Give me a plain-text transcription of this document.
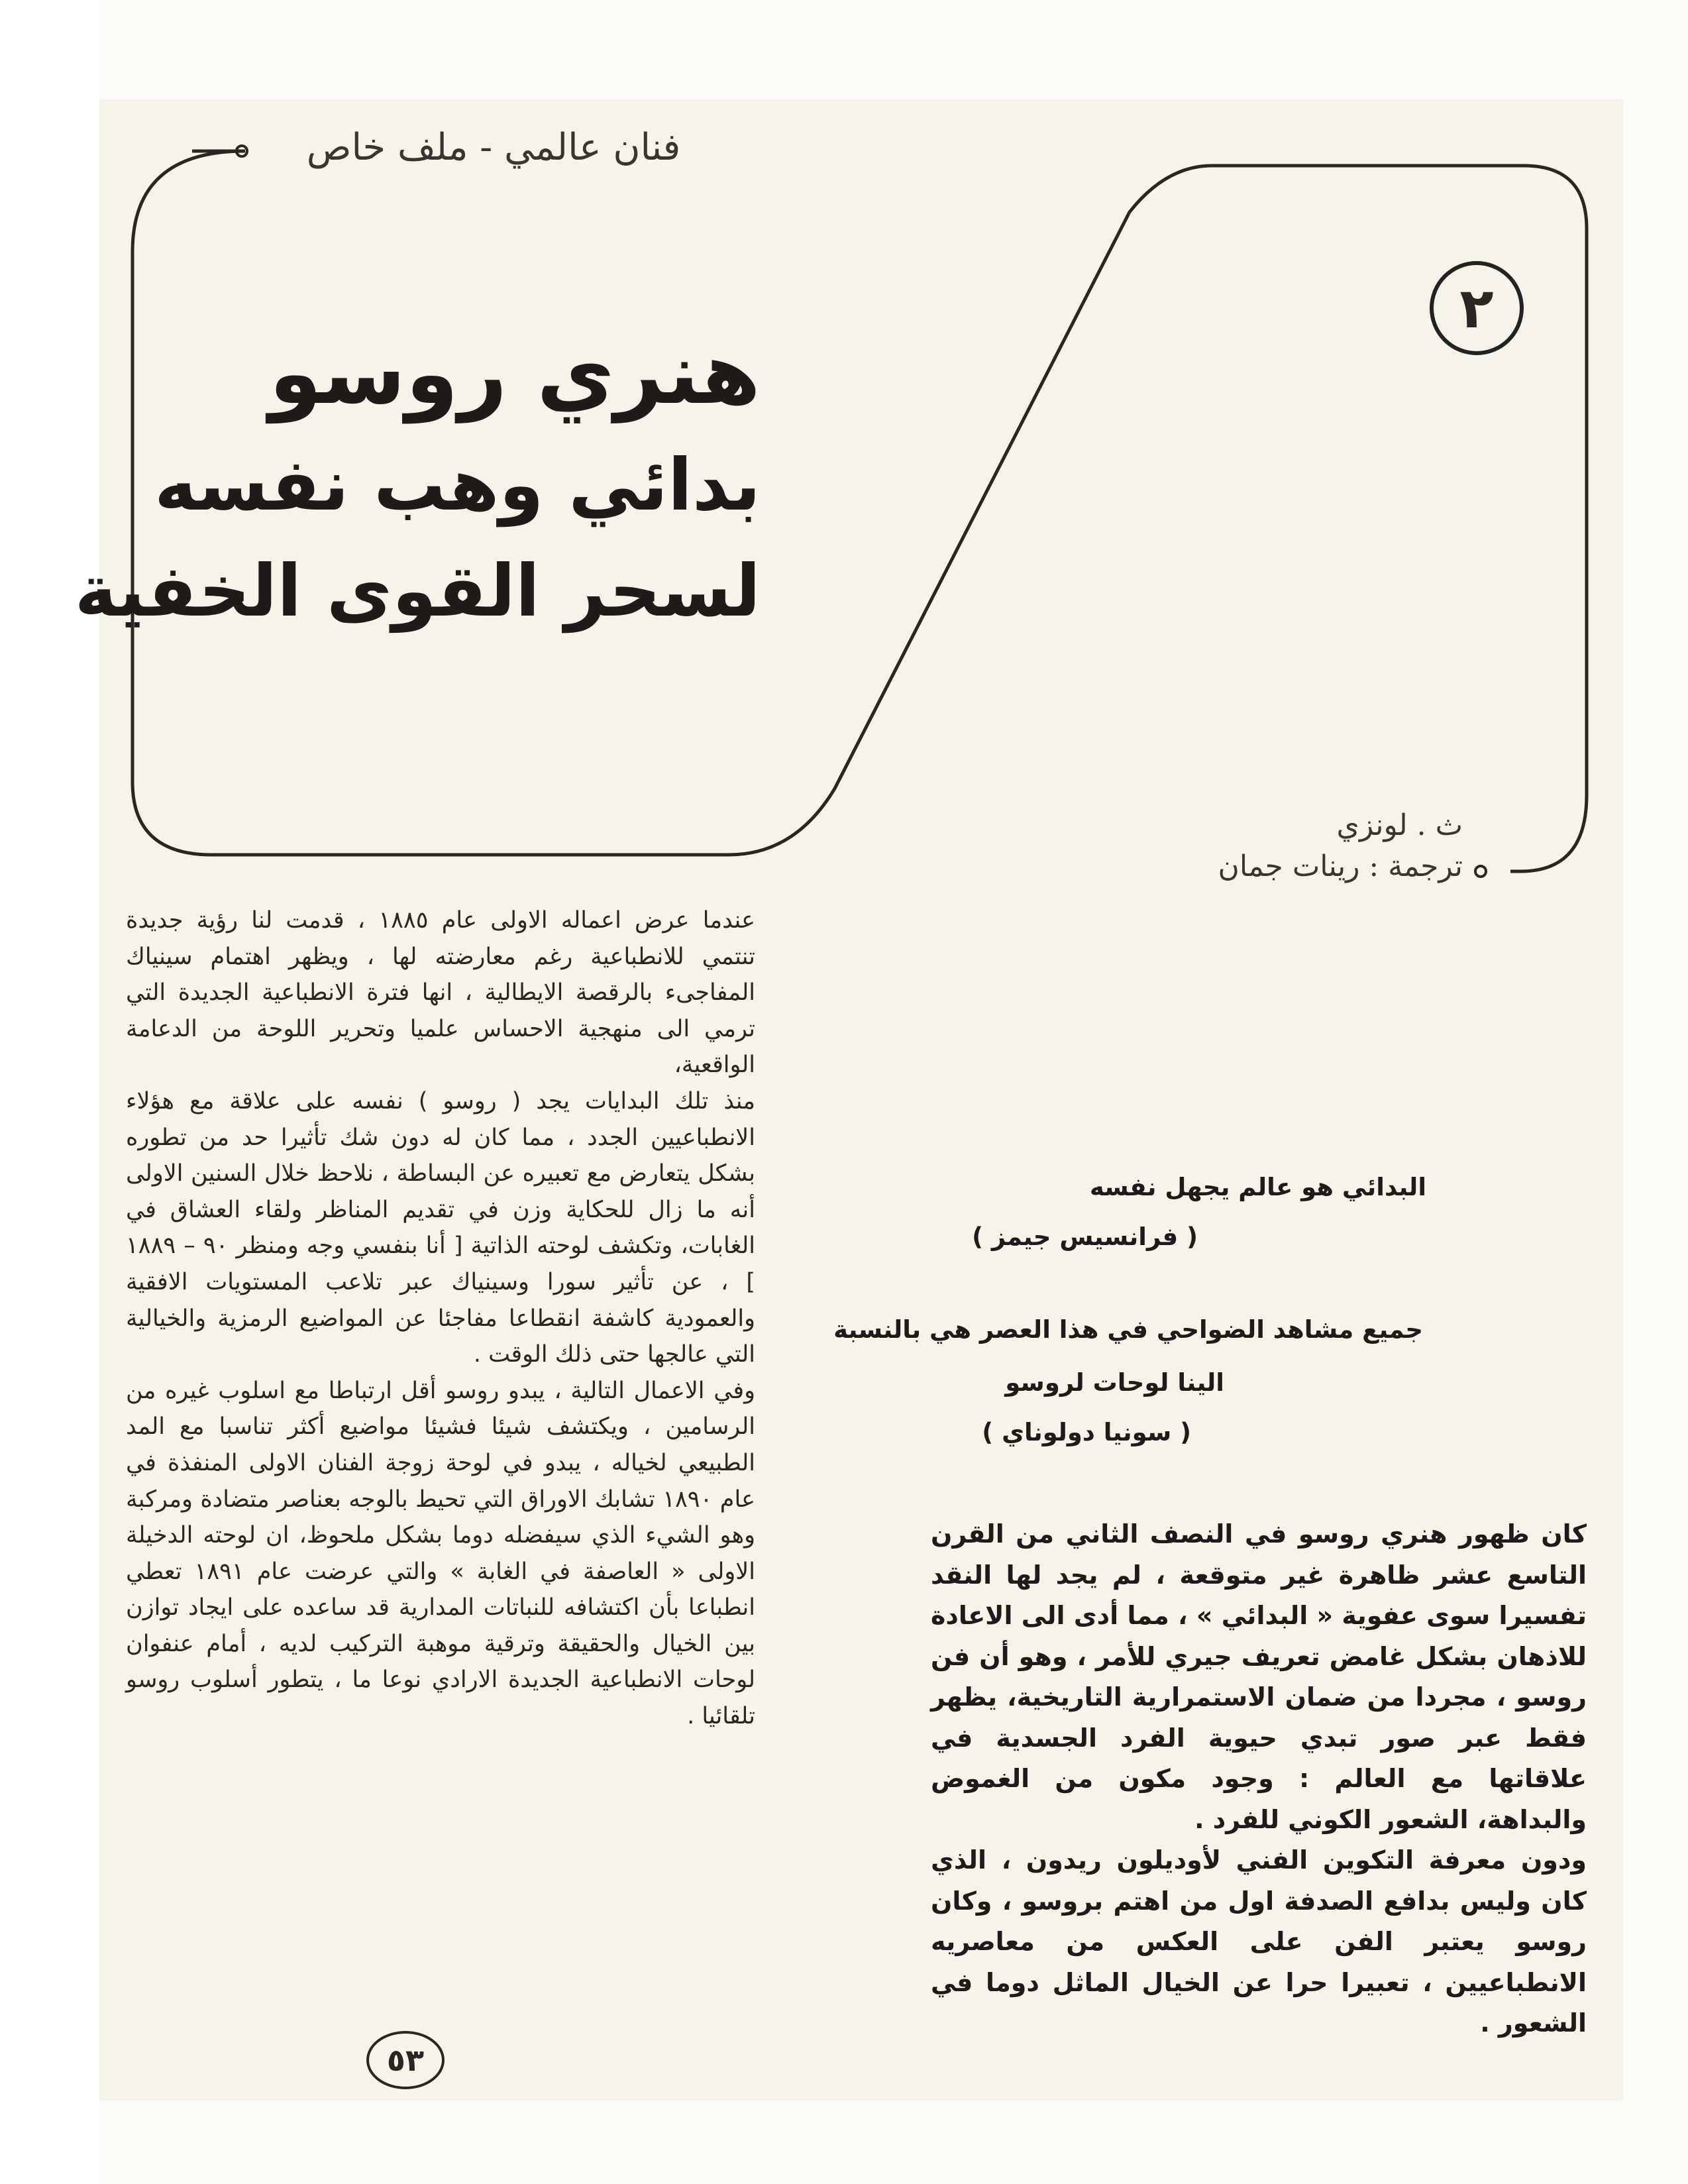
فنان عالمي - ملف خاص
٢
هنري روسو
بدائي وهب نفسه
لسحر القوى الخفية
ث . لونزي
ترجمة : رينات جمان

عندما عرض اعماله الاولى عام ١٨٨٥ ، قدمت لنا رؤية جديدة تنتمي للانطباعية رغم معارضته لها ، ويظهر اهتمام سينياك المفاجىء بالرقصة الايطالية ، انها فترة الانطباعية الجديدة التي ترمي الى منهجية الاحساس علميا وتحرير اللوحة من الدعامة الواقعية،

منذ تلك البدايات يجد ( روسو ) نفسه على علاقة مع هؤلاء الانطباعيين الجدد ، مما كان له دون شك تأثيرا حد من تطوره بشكل يتعارض مع تعبيره عن البساطة ، نلاحظ خلال السنين الاولى أنه ما زال للحكاية وزن في تقديم المناظر ولقاء العشاق في الغابات، وتكشف لوحته الذاتية [ أنا بنفسي وجه ومنظر ٩٠ – ١٨٨٩ ] ، عن تأثير سورا وسينياك عبر تلاعب المستويات الافقية والعمودية كاشفة انقطاعا مفاجئا عن المواضيع الرمزية والخيالية التي عالجها حتى ذلك الوقت .

وفي الاعمال التالية ، يبدو روسو أقل ارتباطا مع اسلوب غيره من الرسامين ، ويكتشف شيئا فشيئا مواضيع أكثر تناسبا مع المد الطبيعي لخياله ، يبدو في لوحة زوجة الفنان الاولى المنفذة في عام ١٨٩٠ تشابك الاوراق التي تحيط بالوجه بعناصر متضادة ومركبة وهو الشيء الذي سيفضله دوما بشكل ملحوظ، ان لوحته الدخيلة الاولى « العاصفة في الغابة » والتي عرضت عام ١٨٩١ تعطي انطباعا بأن اكتشافه للنباتات المدارية قد ساعده على ايجاد توازن بين الخيال والحقيقة وترقية موهبة التركيب لديه ، أمام عنفوان لوحات الانطباعية الجديدة الارادي نوعا ما ، يتطور أسلوب روسو تلقائيا .

البدائي هو عالم يجهل نفسه
( فرانسيس جيمز )
جميع مشاهد الضواحي في هذا العصر هي بالنسبة
الينا لوحات لروسو
( سونيا دولوناي )

كان ظهور هنري روسو في النصف الثاني من القرن التاسع عشر ظاهرة غير متوقعة ، لم يجد لها النقد تفسيرا سوى عفوية « البدائي » ، مما أدى الى الاعادة للاذهان بشكل غامض تعريف جيري للأمر ، وهو أن فن روسو ، مجردا من ضمان الاستمرارية التاريخية، يظهر فقط عبر صور تبدي حيوية الفرد الجسدية في علاقاتها مع العالم : وجود مكون من الغموض والبداهة، الشعور الكوني للفرد .

ودون معرفة التكوين الفني لأوديلون ريدون ، الذي كان وليس بدافع الصدفة اول من اهتم بروسو ، وكان روسو يعتبر الفن على العكس من معاصريه الانطباعيين ، تعبيرا حرا عن الخيال الماثل دوما في الشعور .

٥٣
